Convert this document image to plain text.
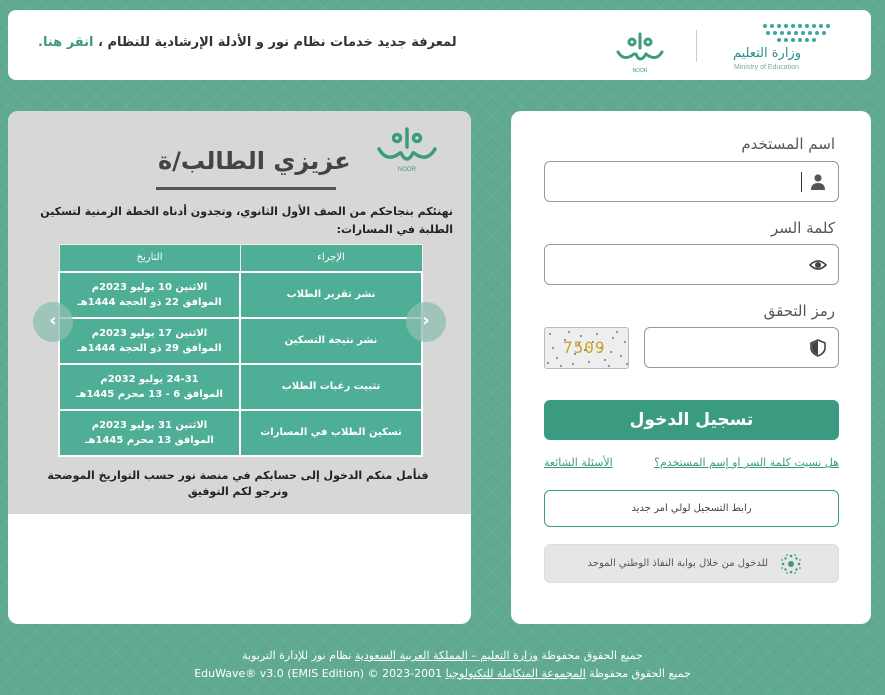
وزارة التعليم
Ministry of Education
NOOR
لمعرفة جديد خدمات نظام نور و الأدلة الإرشادية للنظام ، انقر هنا.
اسم المستخدم
كلمة السر
رمز التحقق
7509
تسجيل الدخول
هل نسيت كلمة السر او إسم المستخدم؟
الأسئلة الشائعة
رابط التسجيل لولي امر جديد
للدخول من خلال بوابة النفاذ الوطني الموحد
NOOR
عزيزي الطالب/ة
نهنئكم بنجاحكم من الصف الأول الثانوي، وتجدون أدناه الخطة الزمنية لتسكين الطلبة في المسارات:
الإجراء	التاريخ
نشر تقرير الطلاب	الاثنين 10 يوليو 2023م
الموافق 22 ذو الحجة 1444هـ
نشر نتيجة التسكين	الاثنين 17 يوليو 2023م
الموافق 29 ذو الحجة 1444هـ
تثبيت رغبات الطلاب	24-31 يوليو 2032م
الموافق 6 - 13 محرم 1445هـ
تسكين الطلاب في المسارات	الاثنين 31 يوليو 2023م
الموافق 13 محرم 1445هـ
فنأمل منكم الدخول إلى حسابكم في منصة نور حسب التواريخ الموضحة
ونرجو لكم التوفيق
‹	›
جميع الحقوق محفوظة وزارة التعليم – المملكة العربية السعودية نظام نور للإدارة التربوية
جميع الحقوق محفوظة المجموعة المتكاملة للتكنولوجيا 2001-2023 © EduWave® v3.0 (EMIS Edition)
